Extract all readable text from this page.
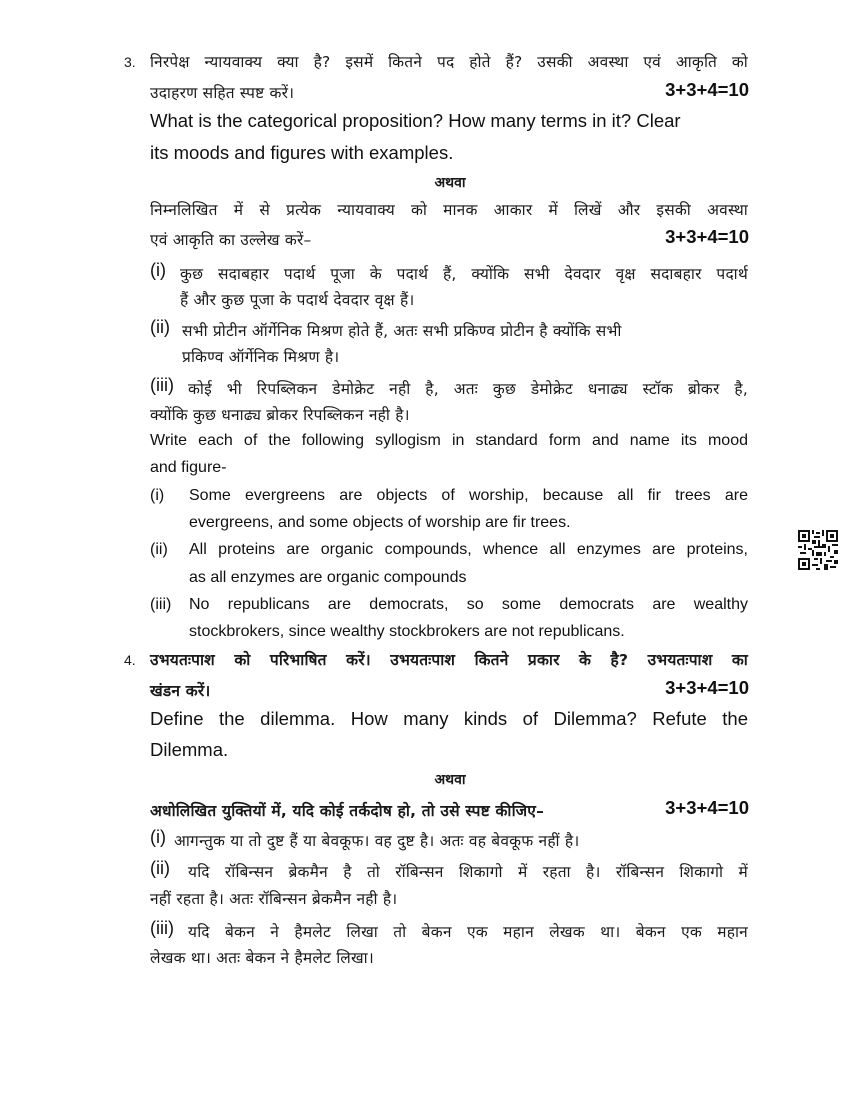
3. निरपेक्ष न्यायवाक्य क्या है? इसमें कितने पद होते हैं? उसकी अवस्था एवं आकृति को
उदाहरण सहित स्पष्ट करें।	3+3+4=10
What is the categorical proposition? How many terms in it? Clear
its moods and figures with examples.
अथवा
निम्नलिखित में से प्रत्येक न्यायवाक्य को मानक आकार में लिखें और इसकी अवस्था
एवं आकृति का उल्लेख करें–	3+3+4=10
(i) कुछ सदाबहार पदार्थ पूजा के पदार्थ हैं, क्योंकि सभी देवदार वृक्ष सदाबहार पदार्थ
हैं और कुछ पूजा के पदार्थ देवदार वृक्ष हैं।
(ii) सभी प्रोटीन ऑर्गेनिक मिश्रण होते हैं, अतः सभी प्रकिण्व प्रोटीन है क्योंकि सभी
प्रकिण्व ऑर्गेनिक मिश्रण है।
(iii) कोई भी रिपब्लिकन डेमोक्रेट नही है, अतः कुछ डेमोक्रेट धनाढ्य स्टॉक ब्रोकर है,
क्योंकि कुछ धनाढ्य ब्रोकर रिपब्लिकन नही है।
Write each of the following syllogism in standard form and name its mood
and figure-
(i) Some evergreens are objects of worship, because all fir trees are
evergreens, and some objects of worship are fir trees.
(ii) All proteins are organic compounds, whence all enzymes are proteins,
as all enzymes are organic compounds
(iii) No republicans are democrats, so some democrats are wealthy
stockbrokers, since wealthy stockbrokers are not republicans.
4. उभयतःपाश को परिभाषित करें। उभयतःपाश कितने प्रकार के है? उभयतःपाश का
खंडन करें।	3+3+4=10
Define the dilemma. How many kinds of Dilemma? Refute the
Dilemma.
अथवा
अधोलिखित युक्तियों में, यदि कोई तर्कदोष हो, तो उसे स्पष्ट कीजिए–	3+3+4=10
(i) आगन्तुक या तो दुष्ट हैं या बेवकूफ। वह दुष्ट है। अतः वह बेवकूफ नहीं है।
(ii) यदि रॉबिन्सन ब्रेकमैन है तो रॉबिन्सन शिकागो में रहता है। रॉबिन्सन शिकागो में
नहीं रहता है। अतः रॉबिन्सन ब्रेकमैन नही है।
(iii) यदि बेकन ने हैमलेट लिखा तो बेकन एक महान लेखक था। बेकन एक महान
लेखक था। अतः बेकन ने हैमलेट लिखा।
